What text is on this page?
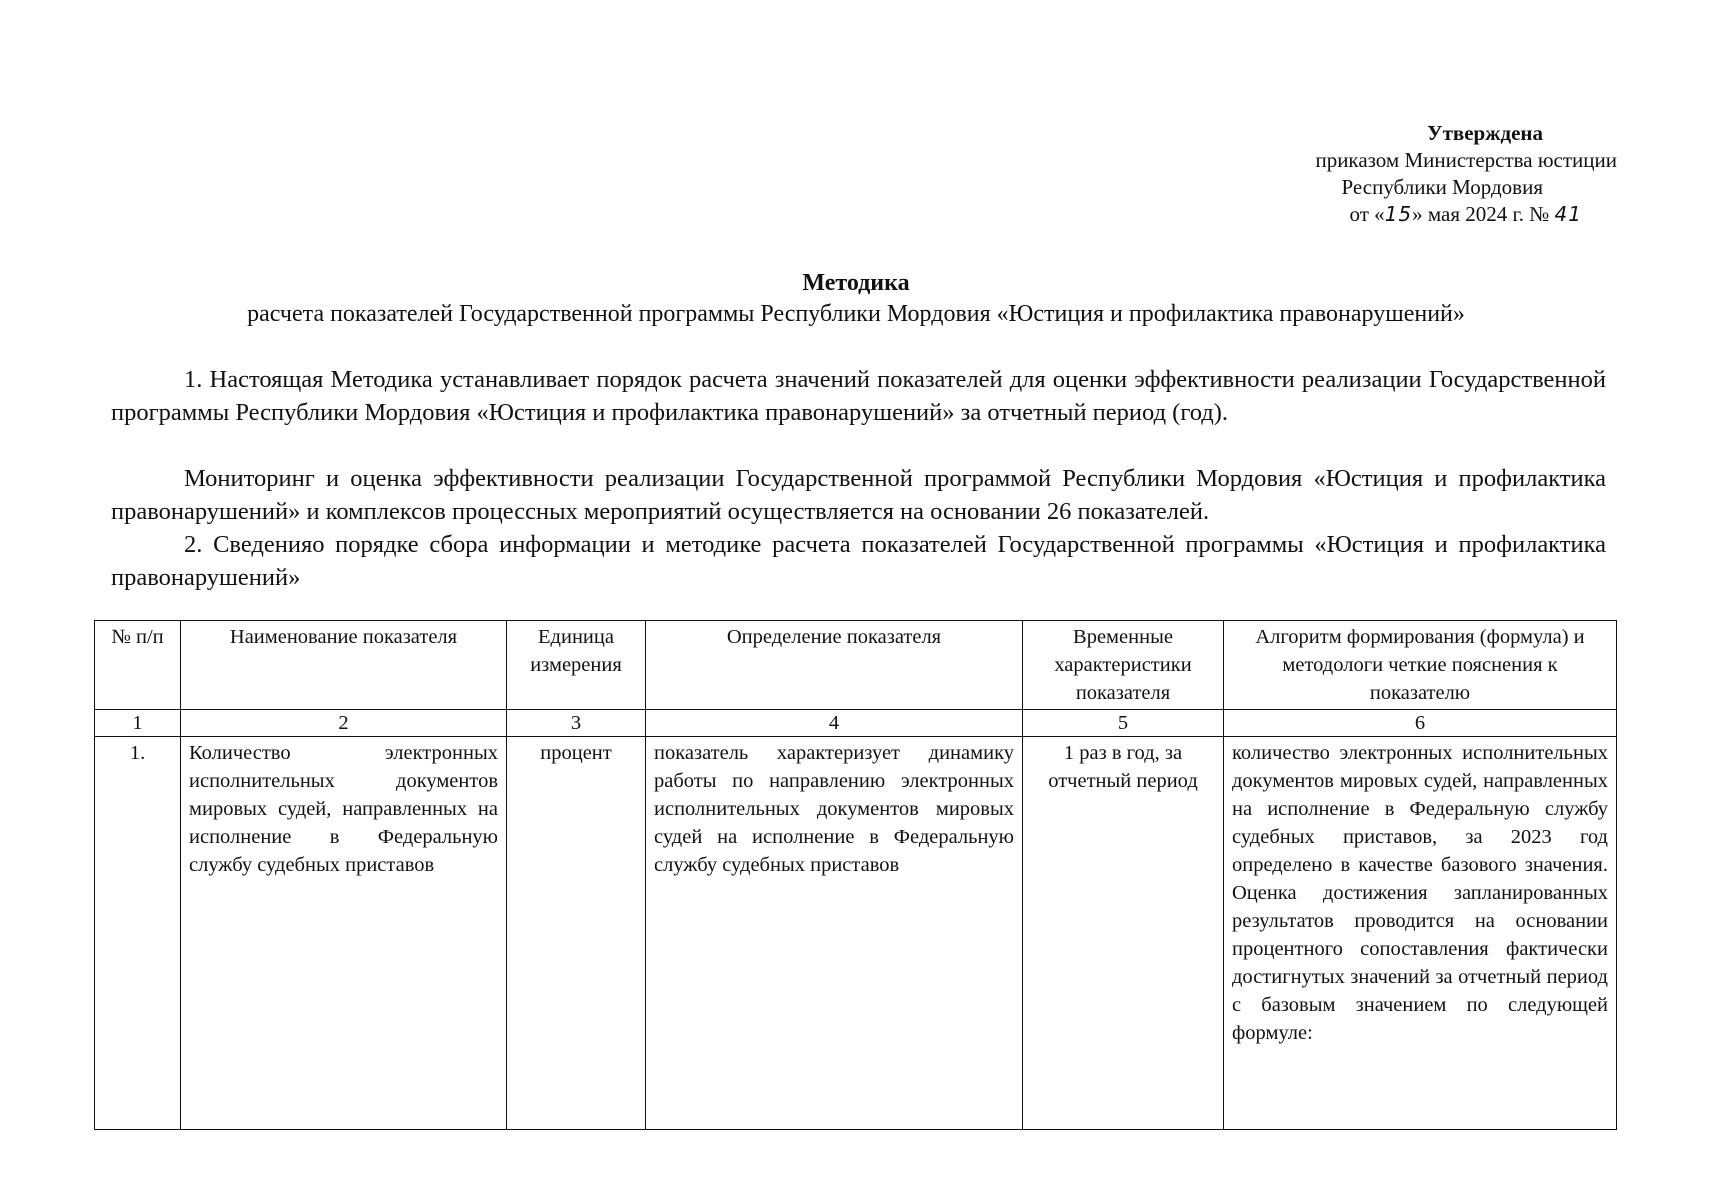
Утверждена
приказом Министерства юстиции
Республики Мордовия
от «15» мая 2024 г. № 41
Методика
расчета показателей Государственной программы Республики Мордовия «Юстиция и профилактика правонарушений»

1. Настоящая Методика устанавливает порядок расчета значений показателей для оценки эффективности реализации Государственной программы Республики Мордовия «Юстиция и профилактика правонарушений» за отчетный период (год).

Мониторинг и оценка эффективности реализации Государственной программой Республики Мордовия «Юстиция и профилактика правонарушений» и комплексов процессных мероприятий осуществляется на основании 26 показателей.

2. Сведенияо порядке сбора информации и методике расчета показателей Государственной программы «Юстиция и профилактика правонарушений»

№ п/п	Наименование показателя	Единица измерения	Определение показателя	Временные характеристики показателя	Алгоритм формирования (формула) и методологи четкие пояснения к показателю
1	2	3	4	5	6
1.	Количество электронных исполнительных документов мировых судей, направленных на исполнение в Федеральную службу судебных приставов	процент	показатель характеризует динамику работы по направлению электронных исполнительных документов мировых судей на исполнение в Федеральную службу судебных приставов	1 раз в год, за отчетный период	количество электронных исполнительных документов мировых судей, направленных на исполнение в Федеральную службу судебных приставов, за 2023 год определено в качестве базового значения. Оценка достижения запланированных результатов проводится на основании процентного сопоставления фактически достигнутых значений за отчетный период с базовым значением по следующей формуле:
